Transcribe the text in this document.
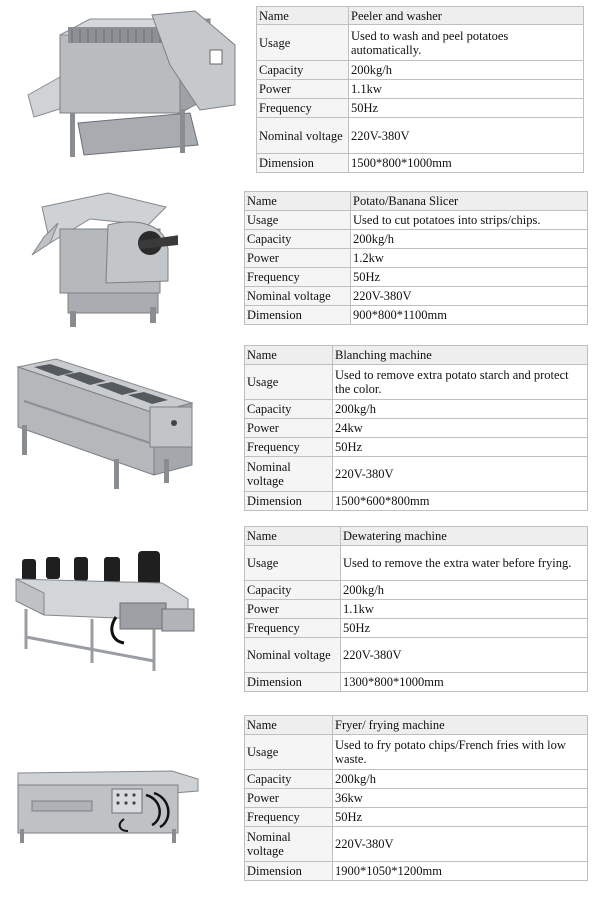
Name	Peeler and washer
Usage	Used to wash and peel potatoes automatically.
Capacity	200kg/h
Power	1.1kw
Frequency	50Hz
Nominal voltage	220V-380V
Dimension	1500*800*1000mm
Name	Potato/Banana Slicer
Usage	Used to cut potatoes into strips/chips.
Capacity	200kg/h
Power	1.2kw
Frequency	50Hz
Nominal voltage	220V-380V
Dimension	900*800*1100mm
Name	Blanching machine
Usage	Used to remove extra potato starch and protect the color.
Capacity	200kg/h
Power	24kw
Frequency	50Hz
Nominal voltage	220V-380V
Dimension	1500*600*800mm
Name	Dewatering machine
Usage	Used to remove the extra water before frying.
Capacity	200kg/h
Power	1.1kw
Frequency	50Hz
Nominal voltage	220V-380V
Dimension	1300*800*1000mm
Name	Fryer/ frying machine
Usage	Used to fry potato chips/French fries with low waste.
Capacity	200kg/h
Power	36kw
Frequency	50Hz
Nominal voltage	220V-380V
Dimension	1900*1050*1200mm
